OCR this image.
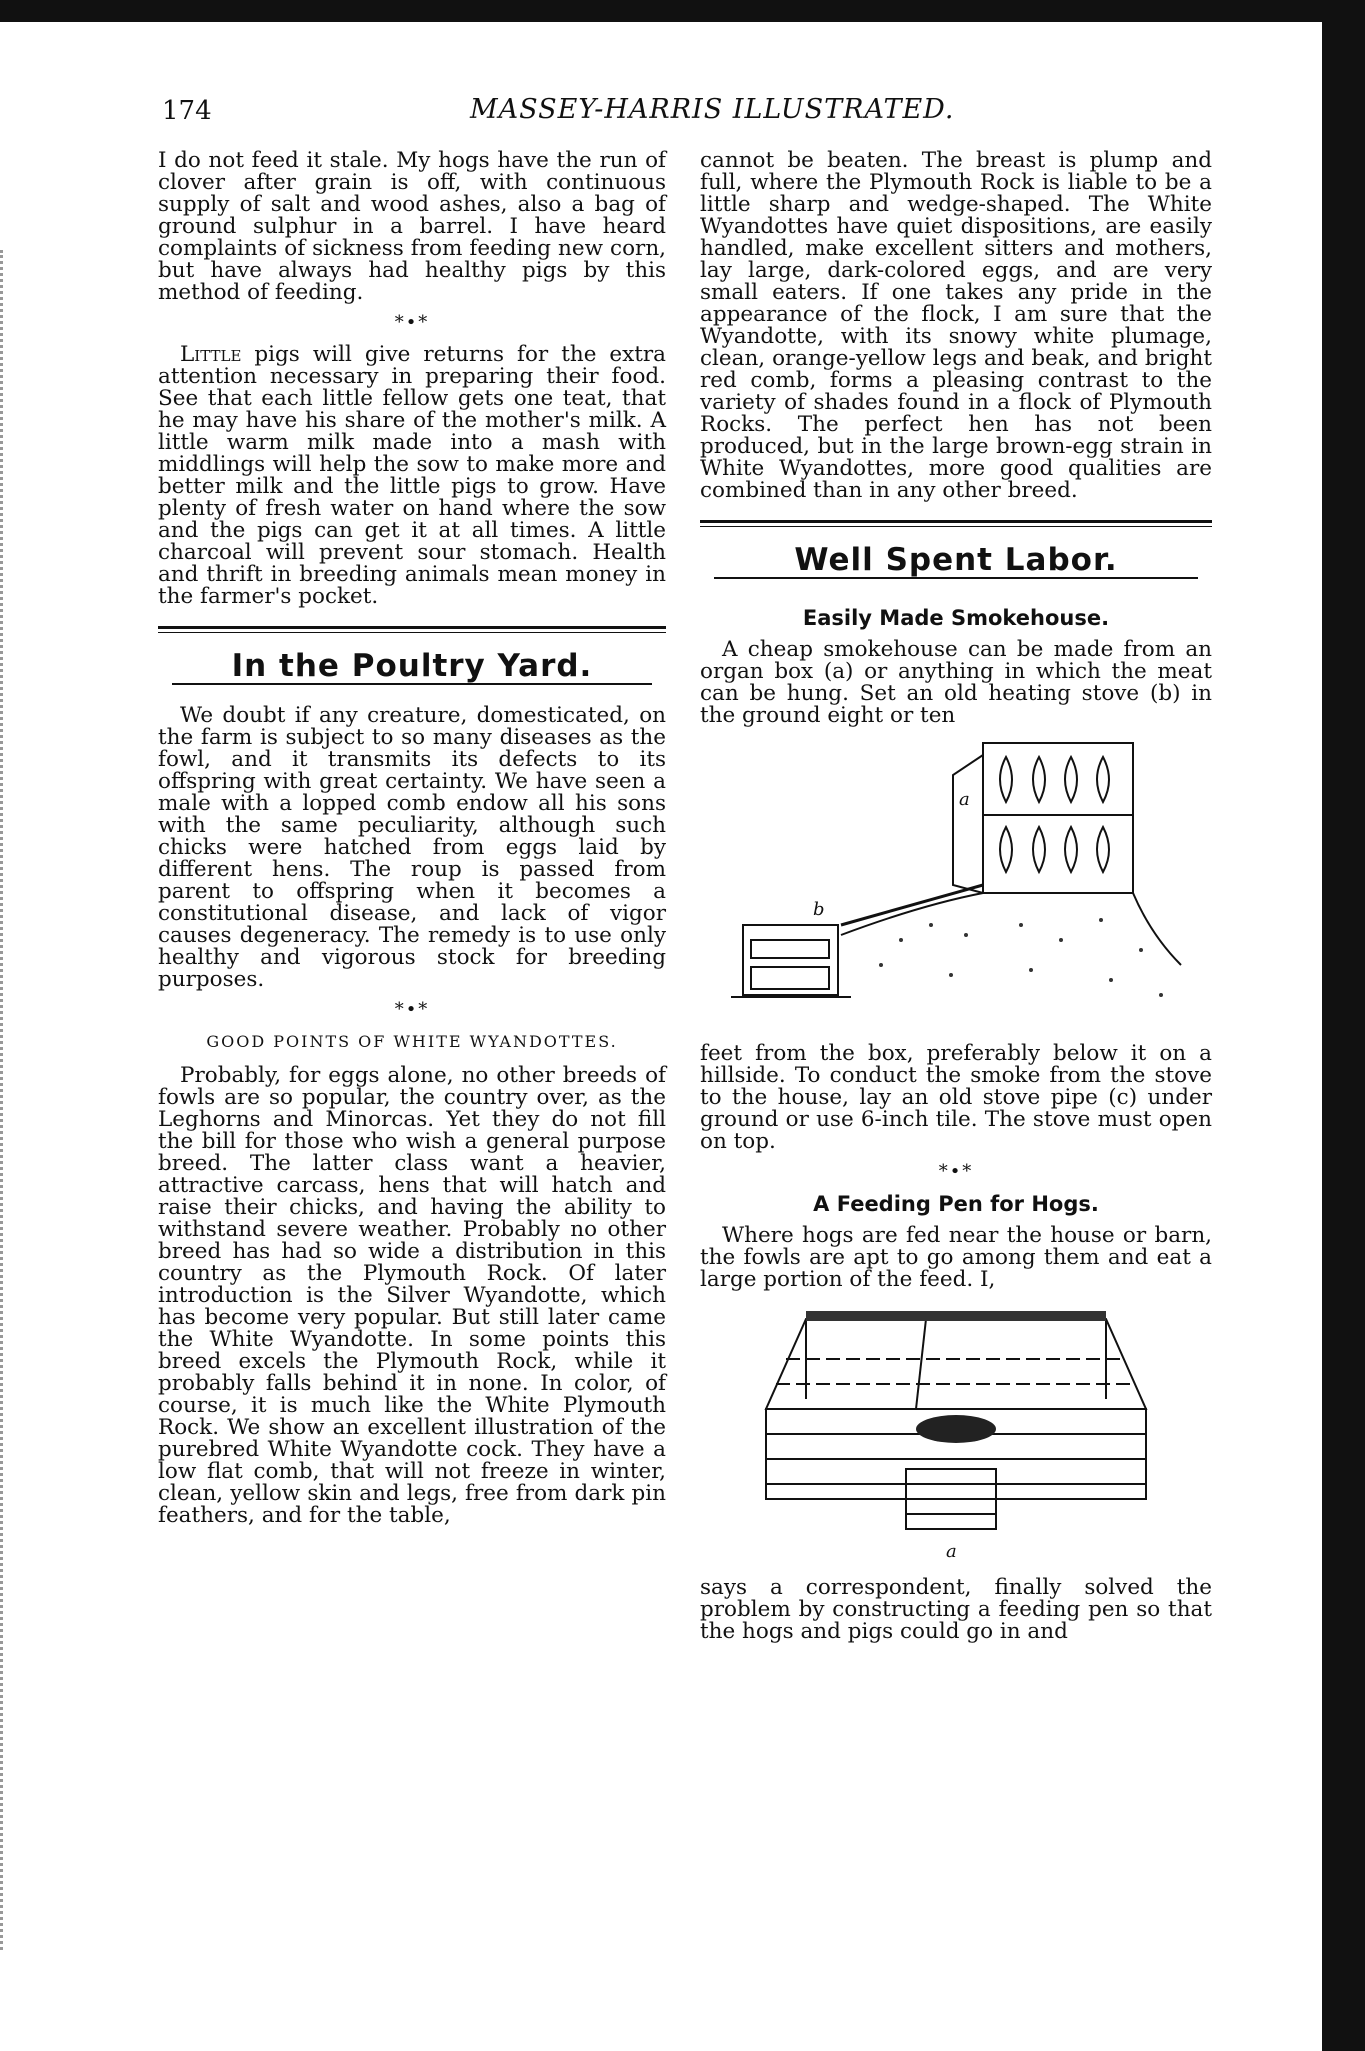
174	MASSEY-HARRIS ILLUSTRATED.

I do not feed it stale. My hogs have the run of clover after grain is off, with continuous supply of salt and wood ashes, also a bag of ground sulphur in a barrel. I have heard complaints of sickness from feeding new corn, but have always had healthy pigs by this method of feeding.

*•*

Little pigs will give returns for the extra attention necessary in preparing their food. See that each little fellow gets one teat, that he may have his share of the mother's milk. A little warm milk made into a mash with middlings will help the sow to make more and better milk and the little pigs to grow. Have plenty of fresh water on hand where the sow and the pigs can get it at all times. A little charcoal will prevent sour stomach. Health and thrift in breeding animals mean money in the farmer's pocket.

In the Poultry Yard.

We doubt if any creature, domesticated, on the farm is subject to so many diseases as the fowl, and it transmits its defects to its offspring with great certainty. We have seen a male with a lopped comb endow all his sons with the same peculiarity, although such chicks were hatched from eggs laid by different hens. The roup is passed from parent to offspring when it becomes a constitutional disease, and lack of vigor causes degeneracy. The remedy is to use only healthy and vigorous stock for breeding purposes.

*•*
GOOD POINTS OF WHITE WYANDOTTES.

Probably, for eggs alone, no other breeds of fowls are so popular, the country over, as the Leghorns and Minorcas. Yet they do not fill the bill for those who wish a general purpose breed. The latter class want a heavier, attractive carcass, hens that will hatch and raise their chicks, and having the ability to withstand severe weather. Probably no other breed has had so wide a distribution in this country as the Plymouth Rock. Of later introduction is the Silver Wyandotte, which has become very popular. But still later came the White Wyandotte. In some points this breed excels the Plymouth Rock, while it probably falls behind it in none. In color, of course, it is much like the White Plymouth Rock. We show an excellent illustration of the purebred White Wyandotte cock. They have a low flat comb, that will not freeze in winter, clean, yellow skin and legs, free from dark pin feathers, and for the table,

cannot be beaten. The breast is plump and full, where the Plymouth Rock is liable to be a little sharp and wedge-shaped. The White Wyandottes have quiet dispositions, are easily handled, make excellent sitters and mothers, lay large, dark-colored eggs, and are very small eaters. If one takes any pride in the appearance of the flock, I am sure that the Wyandotte, with its snowy white plumage, clean, orange-yellow legs and beak, and bright red comb, forms a pleasing contrast to the variety of shades found in a flock of Plymouth Rocks. The perfect hen has not been produced, but in the large brown-egg strain in White Wyandottes, more good qualities are combined than in any other breed.

Well Spent Labor.
Easily Made Smokehouse.

A cheap smokehouse can be made from an organ box (a) or anything in which the meat can be hung. Set an old heating stove (b) in the ground eight or ten

a
b

feet from the box, preferably below it on a hillside. To conduct the smoke from the stove to the house, lay an old stove pipe (c) under ground or use 6-inch tile. The stove must open on top.

*•*
A Feeding Pen for Hogs.

Where hogs are fed near the house or barn, the fowls are apt to go among them and eat a large portion of the feed. I,

a

says a correspondent, finally solved the problem by constructing a feeding pen so that the hogs and pigs could go in and
